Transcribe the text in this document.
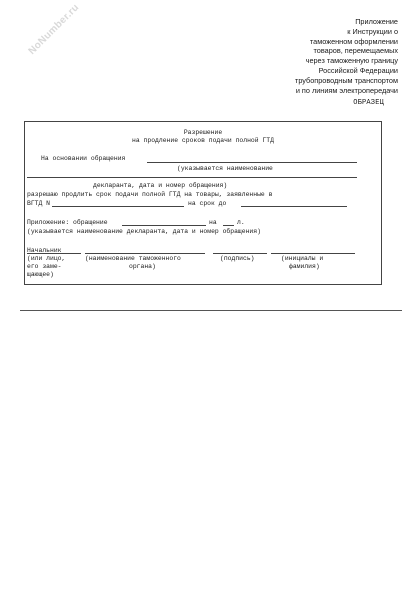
NoNumber.ru	Приложение
к Инструкции о
таможенном оформлении
товаров, перемещаемых
через таможенную границу
Российской Федерации
трубопроводным транспортом
и по линиям электропередачи
ОБРАЗЕЦ
Разрешение
на продление сроков подачи полной ГТД
На основании обращения
(указывается наименование
декларанта, дата и номер обращения)
разрешаю продлить срок подачи полной ГТД на товары, заявленные в
ВГТД N	на срок до
Приложение: обращение	на	л.
(указывается наименование декларанта, дата и номер обращения)
Начальник
(или лицо,
его заме-
щающее)
(наименование таможенного
органа)
(подпись)	(инициалы и
фамилия)
